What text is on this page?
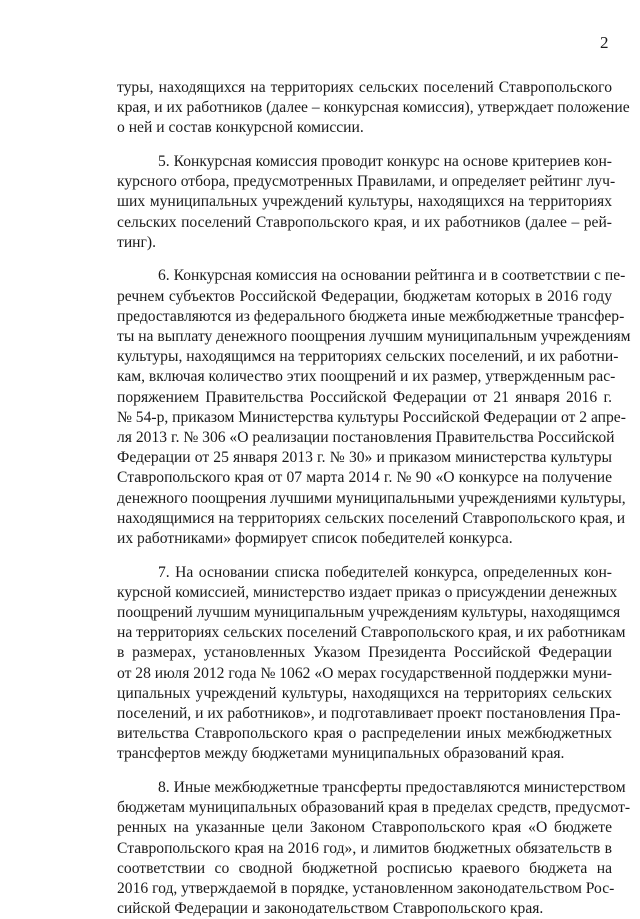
2
туры, находящихся на территориях сельских поселений Ставропольского
края, и их работников (далее – конкурсная комиссия), утверждает положение
о ней и состав конкурсной комиссии.
5. Конкурсная комиссия проводит конкурс на основе критериев кон-
курсного отбора, предусмотренных Правилами, и определяет рейтинг луч-
ших муниципальных учреждений культуры, находящихся на территориях
сельских поселений Ставропольского края, и их работников (далее – рей-
тинг).
6. Конкурсная комиссия на основании рейтинга и в соответствии с пе-
речнем субъектов Российской Федерации, бюджетам которых в 2016 году
предоставляются из федерального бюджета иные межбюджетные трансфер-
ты на выплату денежного поощрения лучшим муниципальным учреждениям
культуры, находящимся на территориях сельских поселений, и их работни-
кам, включая количество этих поощрений и их размер, утвержденным рас-
поряжением Правительства Российской Федерации от 21 января 2016 г.
№ 54-р, приказом Министерства культуры Российской Федерации от 2 апре-
ля 2013 г. № 306 «О реализации постановления Правительства Российской
Федерации от 25 января 2013 г. № 30» и приказом министерства культуры
Ставропольского края от 07 марта 2014 г. № 90 «О конкурсе на получение
денежного поощрения лучшими муниципальными учреждениями культуры,
находящимися на территориях сельских поселений Ставропольского края, и
их работниками» формирует список победителей конкурса.
7. На основании списка победителей конкурса, определенных кон-
курсной комиссией, министерство издает приказ о присуждении денежных
поощрений лучшим муниципальным учреждениям культуры, находящимся
на территориях сельских поселений Ставропольского края, и их работникам
в размерах, установленных Указом Президента Российской Федерации
от 28 июля 2012 года № 1062 «О мерах государственной поддержки муни-
ципальных учреждений культуры, находящихся на территориях сельских
поселений, и их работников», и подготавливает проект постановления Пра-
вительства Ставропольского края о распределении иных межбюджетных
трансфертов между бюджетами муниципальных образований края.
8. Иные межбюджетные трансферты предоставляются министерством
бюджетам муниципальных образований края в пределах средств, предусмот-
ренных на указанные цели Законом Ставропольского края «О бюджете
Ставропольского края на 2016 год», и лимитов бюджетных обязательств в
соответствии со сводной бюджетной росписью краевого бюджета на
2016 год, утверждаемой в порядке, установленном законодательством Рос-
сийской Федерации и законодательством Ставропольского края.
